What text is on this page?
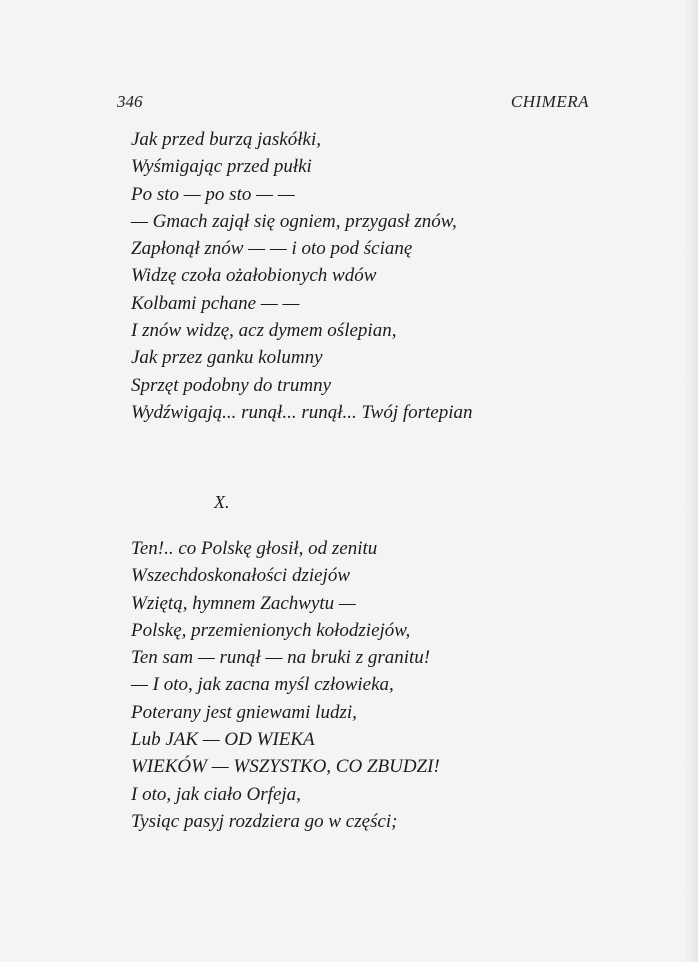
346	CHIMERA
Jak przed burzą jaskółki,
Wyśmigając przed pułki
Po sto — po sto — —
— Gmach zajął się ogniem, przygasł znów,
Zapłonął znów — — i oto pod ścianę
Widzę czoła ożałobionych wdów
Kolbami pchane — —
I znów widzę, acz dymem oślepian,
Jak przez ganku kolumny
Sprzęt podobny do trumny
Wydźwigają... runął... runął... Twój fortepian
X.
Ten!.. co Polskę głosił, od zenitu
Wszechdoskonałości dziejów
Wziętą, hymnem Zachwytu —
Polskę, przemienionych kołodziejów,
Ten sam — runął — na bruki z granitu!
— I oto, jak zacna myśl człowieka,
Poterany jest gniewami ludzi,
Lub JAK — OD WIEKA
WIEKÓW — WSZYSTKO, CO ZBUDZI!
I oto, jak ciało Orfeja,
Tysiąc pasyj rozdziera go w części;
